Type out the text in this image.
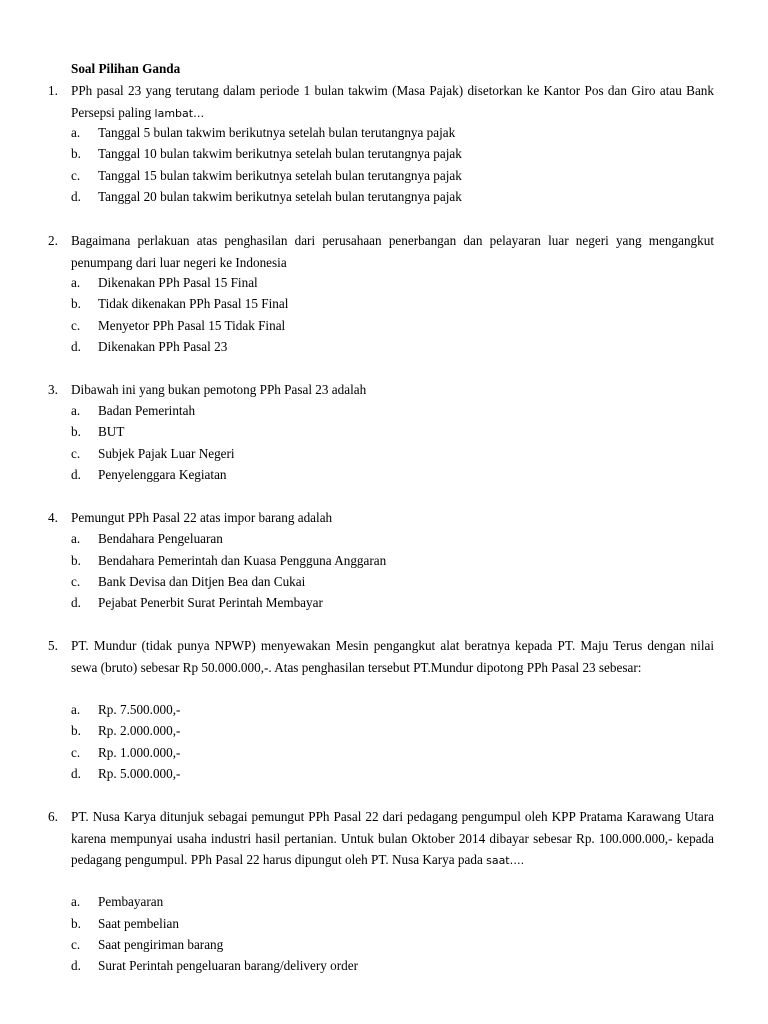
Soal Pilihan Ganda
1. PPh pasal 23 yang terutang dalam periode 1 bulan takwim (Masa Pajak) disetorkan ke Kantor Pos dan Giro atau Bank Persepsi paling lambat…
a. Tanggal 5 bulan takwim berikutnya setelah bulan terutangnya pajak
b. Tanggal 10 bulan takwim berikutnya setelah bulan terutangnya pajak
c. Tanggal 15 bulan takwim berikutnya setelah bulan terutangnya pajak
d. Tanggal 20 bulan takwim berikutnya setelah bulan terutangnya pajak
2. Bagaimana perlakuan atas penghasilan dari perusahaan penerbangan dan pelayaran luar negeri yang mengangkut penumpang dari luar negeri ke Indonesia
a. Dikenakan PPh Pasal 15 Final
b. Tidak dikenakan PPh Pasal 15 Final
c. Menyetor PPh Pasal 15 Tidak Final
d. Dikenakan PPh Pasal 23
3. Dibawah ini yang bukan pemotong PPh Pasal 23 adalah
a. Badan Pemerintah
b. BUT
c. Subjek Pajak Luar Negeri
d. Penyelenggara Kegiatan
4. Pemungut PPh Pasal 22 atas impor barang adalah
a. Bendahara Pengeluaran
b. Bendahara Pemerintah dan Kuasa Pengguna Anggaran
c. Bank Devisa dan Ditjen Bea dan Cukai
d. Pejabat Penerbit Surat Perintah Membayar
5. PT. Mundur (tidak punya NPWP) menyewakan Mesin pengangkut alat beratnya kepada PT. Maju Terus dengan nilai sewa (bruto) sebesar Rp 50.000.000,-. Atas penghasilan tersebut PT.Mundur dipotong PPh Pasal 23 sebesar:
a. Rp. 7.500.000,-
b. Rp. 2.000.000,-
c. Rp. 1.000.000,-
d. Rp. 5.000.000,-
6. PT. Nusa Karya ditunjuk sebagai pemungut PPh Pasal 22 dari pedagang pengumpul oleh KPP Pratama Karawang Utara karena mempunyai usaha industri hasil pertanian. Untuk bulan Oktober 2014 dibayar sebesar Rp. 100.000.000,- kepada pedagang pengumpul. PPh Pasal 22 harus dipungut oleh PT. Nusa Karya pada saat….
a. Pembayaran
b. Saat pembelian
c. Saat pengiriman barang
d. Surat Perintah pengeluaran barang/delivery order
